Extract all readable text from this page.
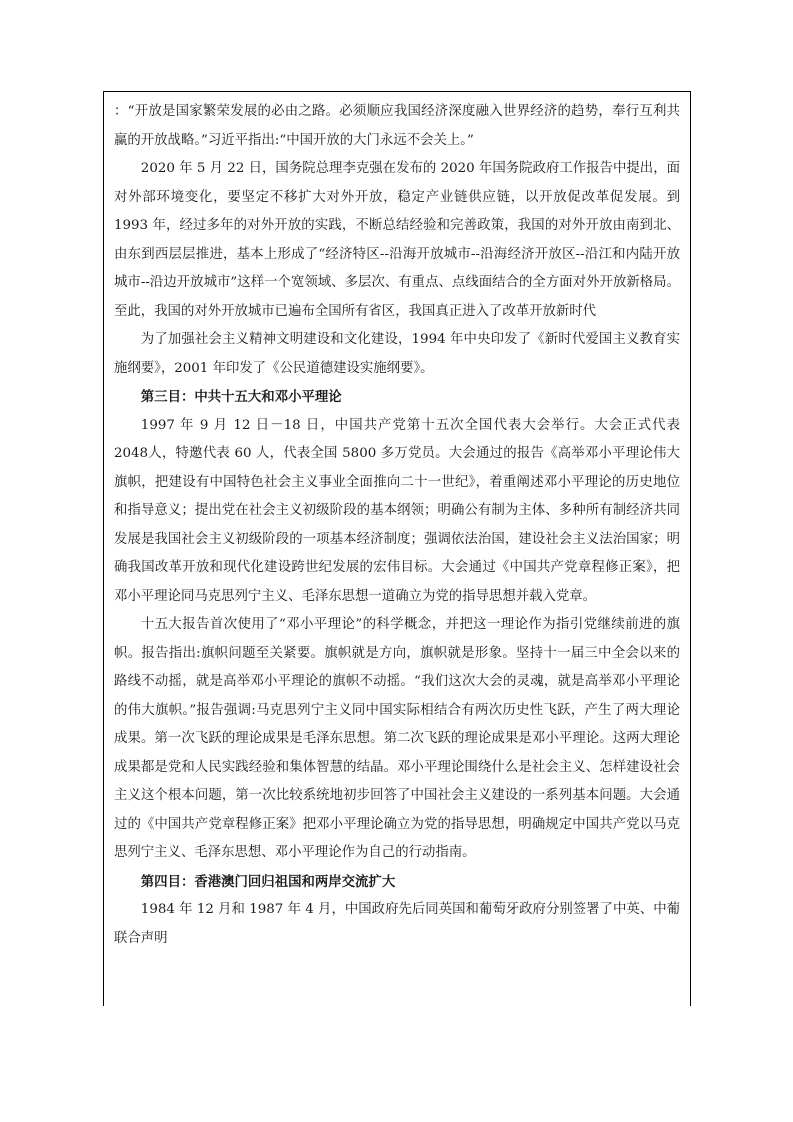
：“开放是国家繁荣发展的必由之路。必须顺应我国经济深度融入世界经济的趋势，奉行互利共赢的开放战略。”习近平指出:“中国开放的大门永远不会关上。”

2020 年 5 月 22 日，国务院总理李克强在发布的 2020 年国务院政府工作报告中提出，面对外部环境变化，要坚定不移扩大对外开放，稳定产业链供应链，以开放促改革促发展。到 1993 年，经过多年的对外开放的实践，不断总结经验和完善政策，我国的对外开放由南到北、由东到西层层推进，基本上形成了“经济特区--沿海开放城市--沿海经济开放区--沿江和内陆开放城市--沿边开放城市”这样一个宽领域、多层次、有重点、点线面结合的全方面对外开放新格局。至此，我国的对外开放城市已遍布全国所有省区，我国真正进入了改革开放新时代

为了加强社会主义精神文明建设和文化建设，1994 年中央印发了《新时代爱国主义教育实施纲要》，2001 年印发了《公民道德建设实施纲要》。

第三目：中共十五大和邓小平理论

1997 年 9 月 12 日－18 日，中国共产党第十五次全国代表大会举行。大会正式代表 2048人，特邀代表 60 人，代表全国 5800 多万党员。大会通过的报告《高举邓小平理论伟大旗帜，把建设有中国特色社会主义事业全面推向二十一世纪》，着重阐述邓小平理论的历史地位和指导意义；提出党在社会主义初级阶段的基本纲领；明确公有制为主体、多种所有制经济共同发展是我国社会主义初级阶段的一项基本经济制度；强调依法治国，建设社会主义法治国家；明确我国改革开放和现代化建设跨世纪发展的宏伟目标。大会通过《中国共产党章程修正案》，把邓小平理论同马克思列宁主义、毛泽东思想一道确立为党的指导思想并载入党章。

十五大报告首次使用了“邓小平理论”的科学概念，并把这一理论作为指引党继续前进的旗帜。报告指出:旗帜问题至关紧要。旗帜就是方向，旗帜就是形象。坚持十一届三中全会以来的路线不动摇，就是高举邓小平理论的旗帜不动摇。“我们这次大会的灵魂，就是高举邓小平理论的伟大旗帜。”报告强调:马克思列宁主义同中国实际相结合有两次历史性飞跃，产生了两大理论成果。第一次飞跃的理论成果是毛泽东思想。第二次飞跃的理论成果是邓小平理论。这两大理论成果都是党和人民实践经验和集体智慧的结晶。邓小平理论围绕什么是社会主义、怎样建设社会主义这个根本问题，第一次比较系统地初步回答了中国社会主义建设的一系列基本问题。大会通过的《中国共产党章程修正案》把邓小平理论确立为党的指导思想，明确规定中国共产党以马克思列宁主义、毛泽东思想、邓小平理论作为自己的行动指南。

第四目：香港澳门回归祖国和两岸交流扩大

1984 年 12 月和 1987 年 4 月，中国政府先后同英国和葡萄牙政府分别签署了中英、中葡联合声明
